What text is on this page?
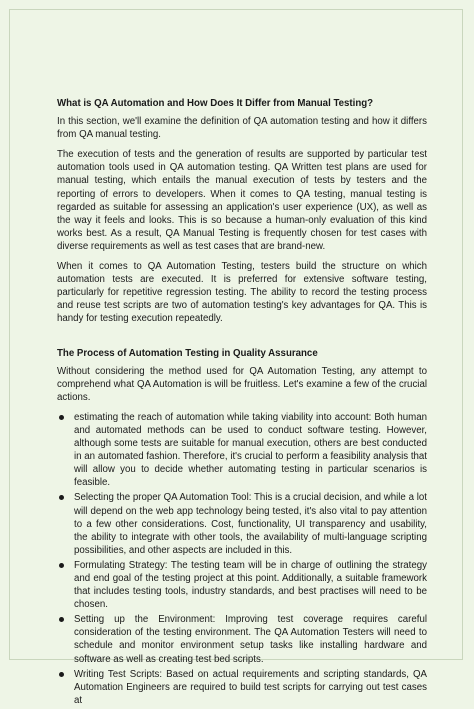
What is QA Automation and How Does It Differ from Manual Testing?

In this section, we'll examine the definition of QA automation testing and how it differs from QA manual testing.

The execution of tests and the generation of results are supported by particular test automation tools used in QA automation testing. QA Written test plans are used for manual testing, which entails the manual execution of tests by testers and the reporting of errors to developers. When it comes to QA testing, manual testing is regarded as suitable for assessing an application's user experience (UX), as well as the way it feels and looks. This is so because a human-only evaluation of this kind works best. As a result, QA Manual Testing is frequently chosen for test cases with diverse requirements as well as test cases that are brand-new.

When it comes to QA Automation Testing, testers build the structure on which automation tests are executed. It is preferred for extensive software testing, particularly for repetitive regression testing. The ability to record the testing process and reuse test scripts are two of automation testing's key advantages for QA. This is handy for testing execution repeatedly.

The Process of Automation Testing in Quality Assurance

Without considering the method used for QA Automation Testing, any attempt to comprehend what QA Automation is will be fruitless. Let's examine a few of the crucial actions.

estimating the reach of automation while taking viability into account: Both human and automated methods can be used to conduct software testing. However, although some tests are suitable for manual execution, others are best conducted in an automated fashion. Therefore, it's crucial to perform a feasibility analysis that will allow you to decide whether automating testing in particular scenarios is feasible.
Selecting the proper QA Automation Tool: This is a crucial decision, and while a lot will depend on the web app technology being tested, it's also vital to pay attention to a few other considerations. Cost, functionality, UI transparency and usability, the ability to integrate with other tools, the availability of multi-language scripting possibilities, and other aspects are included in this.
Formulating Strategy: The testing team will be in charge of outlining the strategy and end goal of the testing project at this point. Additionally, a suitable framework that includes testing tools, industry standards, and best practises will need to be chosen.
Setting up the Environment: Improving test coverage requires careful consideration of the testing environment. The QA Automation Testers will need to schedule and monitor environment setup tasks like installing hardware and software as well as creating test bed scripts.
Writing Test Scripts: Based on actual requirements and scripting standards, QA Automation Engineers are required to build test scripts for carrying out test cases at
